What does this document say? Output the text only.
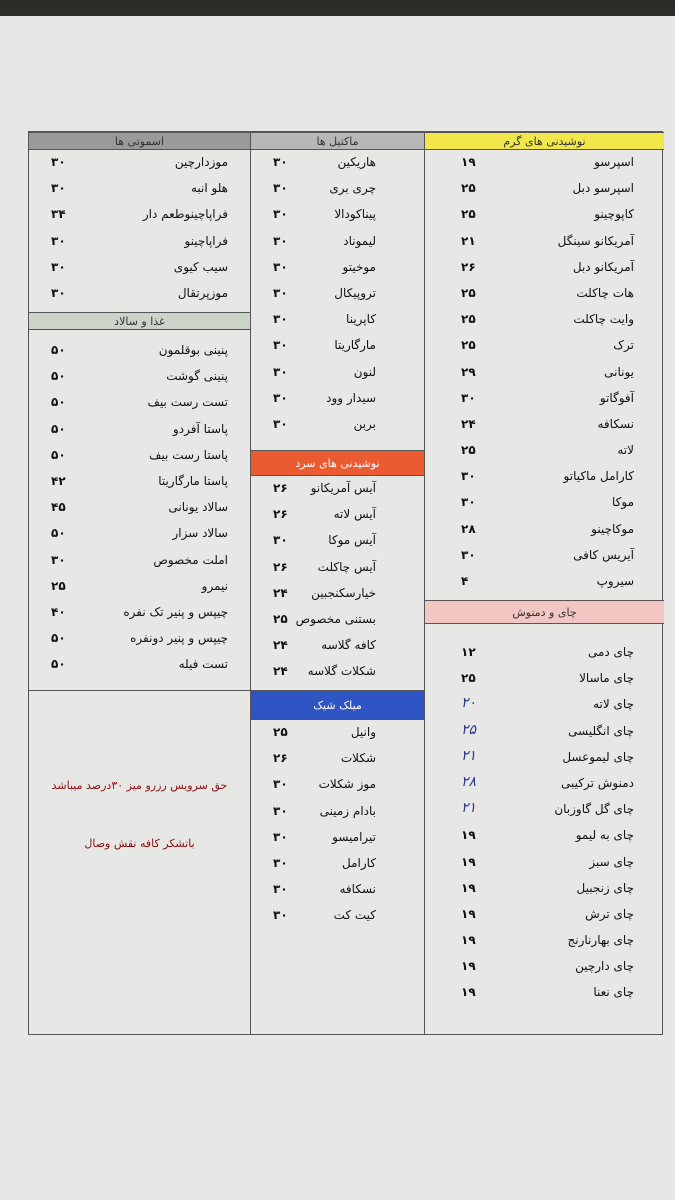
اسموتی ها
موزدارچین
۳۰
هلو انبه
۳۰
فراپاچینوطعم دار
۳۴
فراپاچینو
۳۰
سیب کیوی
۳۰
موزپرتقال
۳۰
غذا و سالاد
پنینی بوقلمون
۵۰
پنینی گوشت
۵۰
تست رست بیف
۵۰
پاستا آفردو
۵۰
پاستا رست بیف
۵۰
پاستا مارگاریتا
۴۲
سالاد یونانی
۴۵
سالاد سزار
۵۰
املت مخصوص
۳۰
نیمرو
۲۵
چیپس و پنیر تک نفره
۴۰
چیپس و پنیر دونفره
۵۰
تست فیله
۵۰
حق سرویس رزرو میز ۳۰درصد میباشد
باتشکر کافه نقش وصال
ماکتیل ها
هاریکین
۳۰
چری بری
۳۰
پیناکودالا
۳۰
لیموناد
۳۰
موخیتو
۳۰
تروپیکال
۳۰
کاپرینا
۳۰
مارگاریتا
۳۰
لنون
۳۰
سیدار وود
۳۰
بربن
۳۰
نوشیدنی های سرد
آیس آمریکانو
۲۶
آیس لاته
۲۶
آیس موکا
۳۰
آیس چاکلت
۲۶
خیارسکنجبین
۲۴
بستنی مخصوص
۲۵
کافه گلاسه
۲۴
شکلات گلاسه
۲۴
میلک شیک
وانیل
۲۵
شکلات
۲۶
موز شکلات
۳۰
بادام زمینی
۳۰
تیرامیسو
۳۰
کارامل
۳۰
نسکافه
۳۰
کیت کت
۳۰
نوشیدنی های گرم
اسپرسو
۱۹
اسپرسو دبل
۲۵
کاپوچینو
۲۵
آمریکانو سینگل
۲۱
آمریکانو دبل
۲۶
هات چاکلت
۲۵
وایت چاکلت
۲۵
ترک
۲۵
یونانی
۲۹
آفوگاتو
۳۰
نسکافه
۲۴
لاته
۲۵
کارامل ماکیاتو
۳۰
موکا
۳۰
موکاچینو
۲۸
آیریس کافی
۳۰
سیروپ
۴
چای و دمنوش
چای دمی
۱۲
چای ماسالا
۲۵
چای لاته
۲۰
چای انگلیسی
۲۵
چای لیموعسل
۲۱
دمنوش ترکیبی
۲۸
چای گل گاوزبان
۲۱
چای به لیمو
۱۹
چای سبز
۱۹
چای زنجبیل
۱۹
چای ترش
۱۹
چای بهارنارنج
۱۹
چای دارچین
۱۹
چای نعنا
۱۹
